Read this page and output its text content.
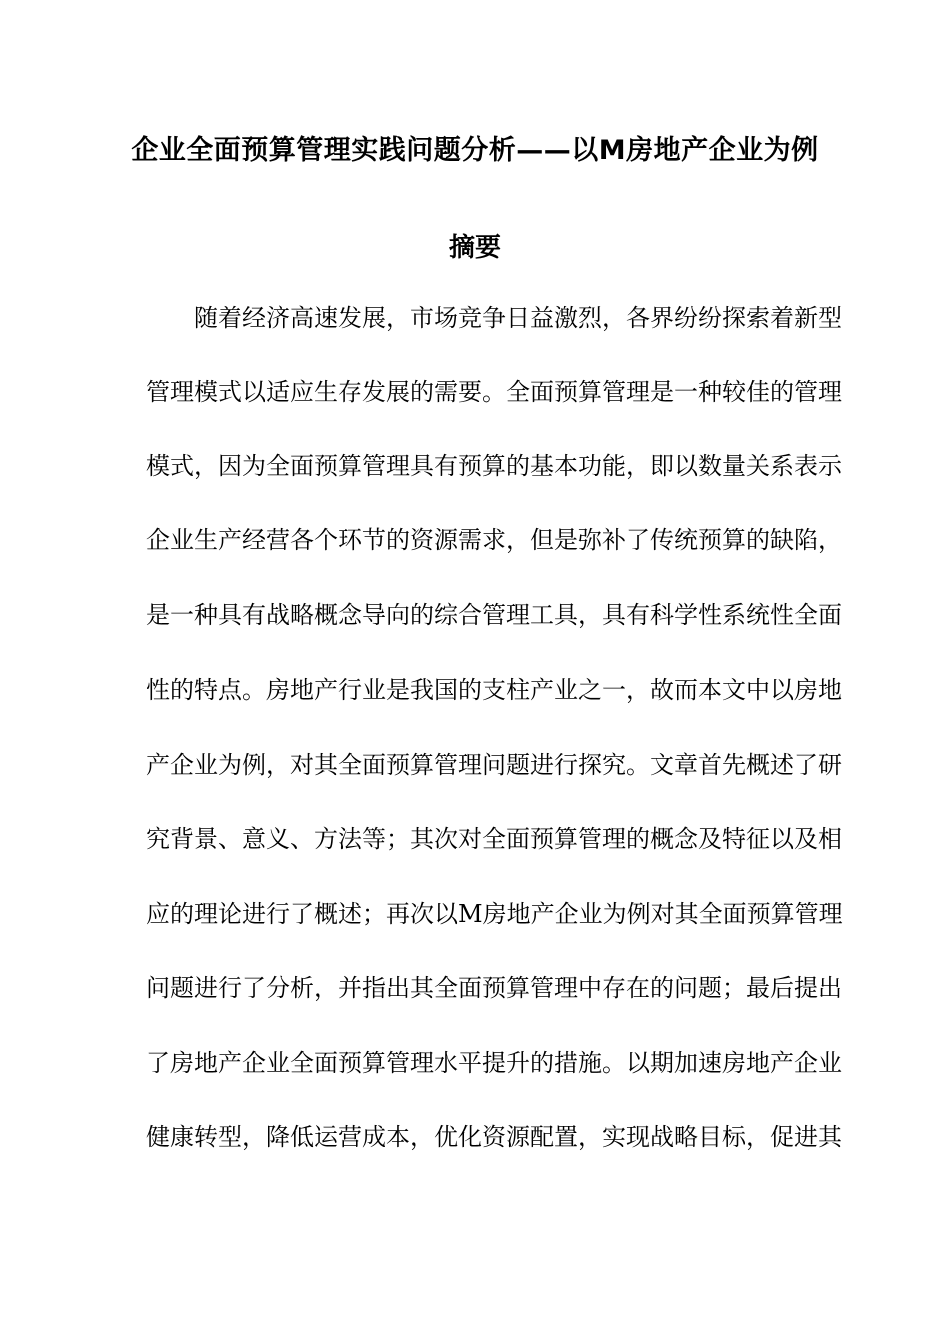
企业全面预算管理实践问题分析——以M房地产企业为例
摘要
随着经济高速发展，市场竞争日益激烈，各界纷纷探索着新型
管理模式以适应生存发展的需要。全面预算管理是一种较佳的管理
模式，因为全面预算管理具有预算的基本功能，即以数量关系表示
企业生产经营各个环节的资源需求，但是弥补了传统预算的缺陷，
是一种具有战略概念导向的综合管理工具，具有科学性系统性全面
性的特点。房地产行业是我国的支柱产业之一，故而本文中以房地
产企业为例，对其全面预算管理问题进行探究。文章首先概述了研
究背景、意义、方法等；其次对全面预算管理的概念及特征以及相
应的理论进行了概述；再次以M房地产企业为例对其全面预算管理
问题进行了分析，并指出其全面预算管理中存在的问题；最后提出
了房地产企业全面预算管理水平提升的措施。以期加速房地产企业
健康转型，降低运营成本，优化资源配置，实现战略目标，促进其
